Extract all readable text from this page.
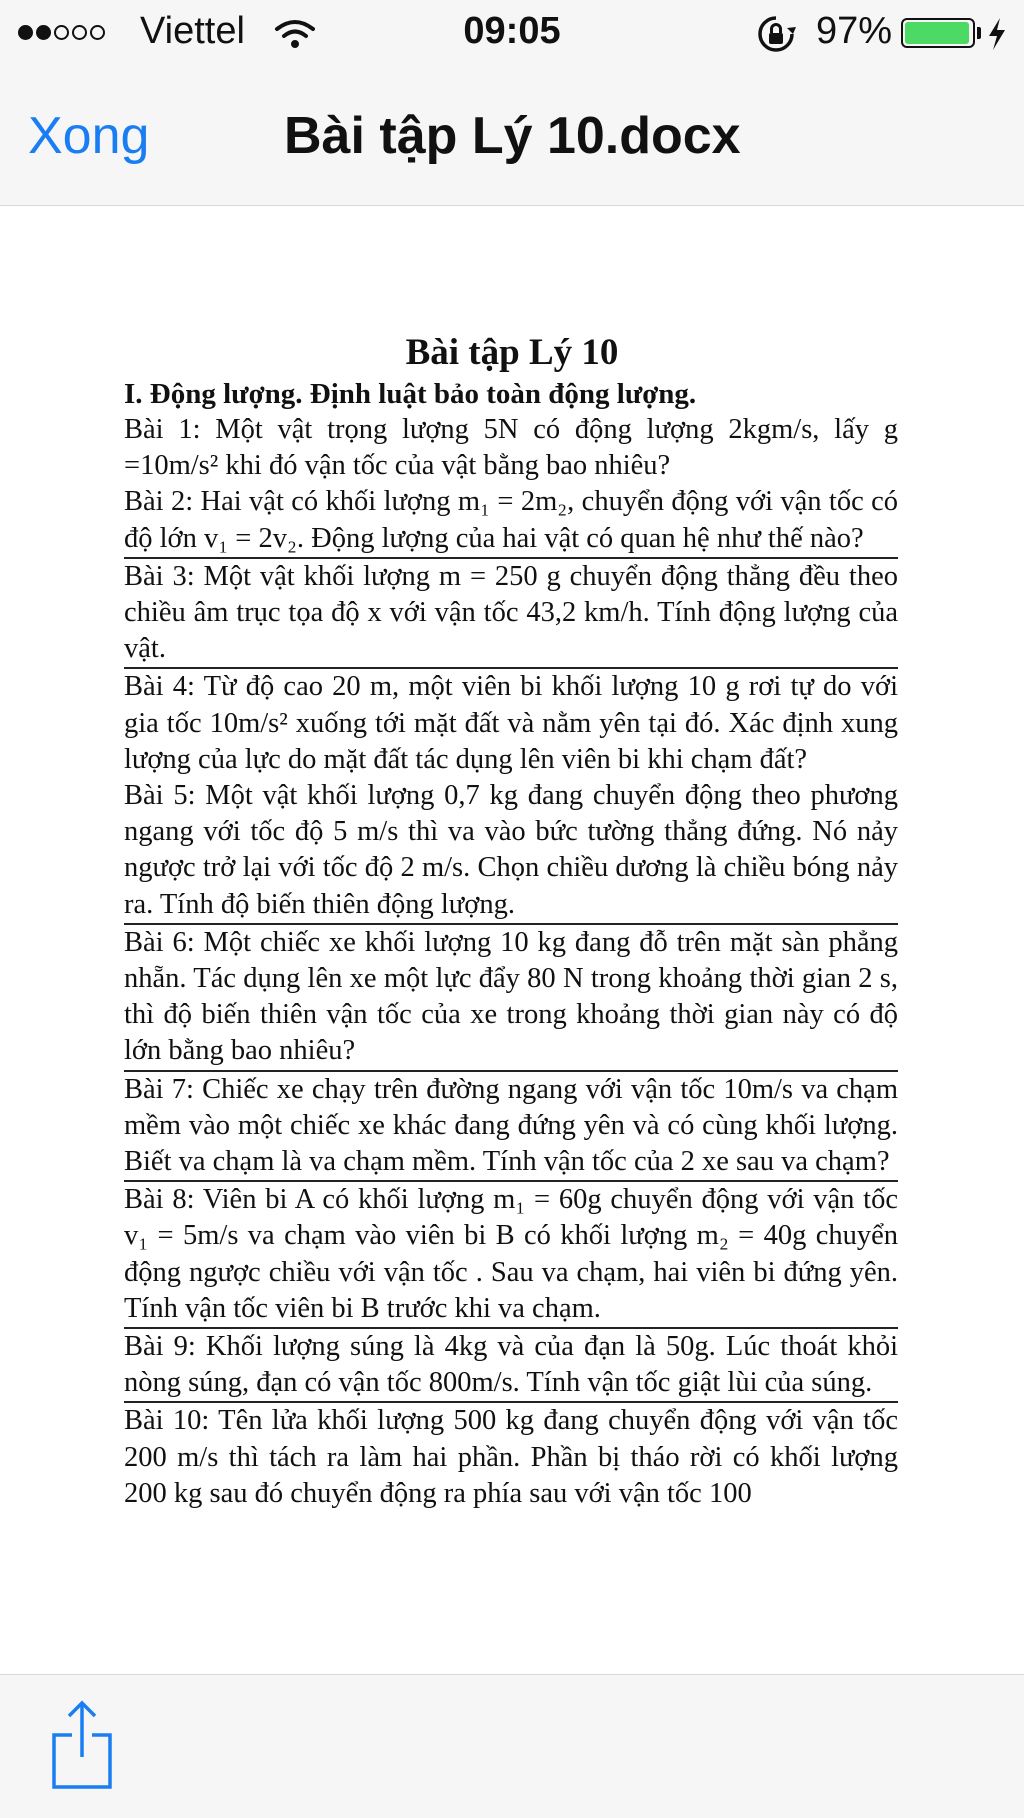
Viettel	09:05	97%
Xong	Bài tập Lý 10.docx
Bài tập Lý 10

I. Động lượng. Định luật bảo toàn động lượng.

Bài 1: Một vật trọng lượng 5N có động lượng 2kgm/s, lấy g =10m/s² khi đó vận tốc của vật bằng bao nhiêu?

Bài 2: Hai vật có khối lượng m₁ = 2m₂, chuyển động với vận tốc có độ lớn v₁ = 2v₂. Động lượng của hai vật có quan hệ như thế nào?

Bài 3: Một vật khối lượng m = 250 g chuyển động thẳng đều theo chiều âm trục tọa độ x với vận tốc 43,2 km/h. Tính động lượng của vật.

Bài 4: Từ độ cao 20 m, một viên bi khối lượng 10 g rơi tự do với gia tốc 10m/s² xuống tới mặt đất và nằm yên tại đó. Xác định xung lượng của lực do mặt đất tác dụng lên viên bi khi chạm đất?

Bài 5: Một vật khối lượng 0,7 kg đang chuyển động theo phương ngang với tốc độ 5 m/s thì va vào bức tường thẳng đứng. Nó nảy ngược trở lại với tốc độ 2 m/s. Chọn chiều dương là chiều bóng nảy ra. Tính độ biến thiên động lượng.

Bài 6: Một chiếc xe khối lượng 10 kg đang đỗ trên mặt sàn phẳng nhẵn. Tác dụng lên xe một lực đẩy 80 N trong khoảng thời gian 2 s, thì độ biến thiên vận tốc của xe trong khoảng thời gian này có độ lớn bằng bao nhiêu?

Bài 7: Chiếc xe chạy trên đường ngang với vận tốc 10m/s va chạm mềm vào một chiếc xe khác đang đứng yên và có cùng khối lượng. Biết va chạm là va chạm mềm. Tính vận tốc của 2 xe sau va chạm?

Bài 8: Viên bi A có khối lượng m₁ = 60g chuyển động với vận tốc v₁ = 5m/s va chạm vào viên bi B có khối lượng m₂ = 40g chuyển động ngược chiều với vận tốc . Sau va chạm, hai viên bi đứng yên. Tính vận tốc viên bi B trước khi va chạm.

Bài 9: Khối lượng súng là 4kg và của đạn là 50g. Lúc thoát khỏi nòng súng, đạn có vận tốc 800m/s. Tính vận tốc giật lùi của súng.

Bài 10: Tên lửa khối lượng 500 kg đang chuyển động với vận tốc 200 m/s thì tách ra làm hai phần. Phần bị tháo rời có khối lượng 200 kg sau đó chuyển động ra phía sau với vận tốc 100
